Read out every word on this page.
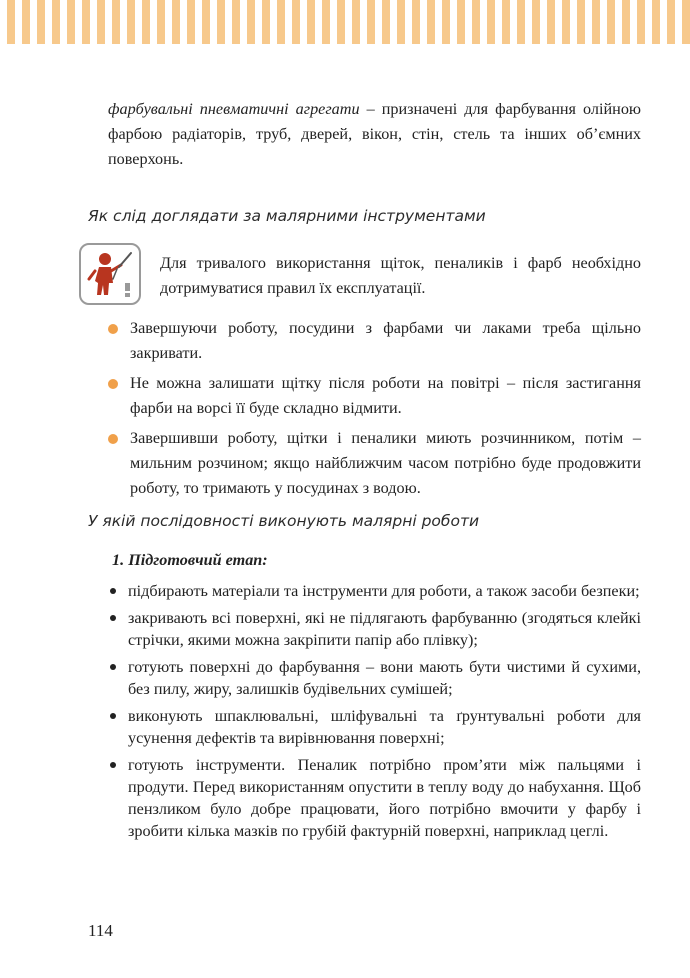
фарбувальні пневматичні агрегати – призначені для фарбування олійною фарбою радіаторів, труб, дверей, вікон, стін, стель та інших об’ємних поверхонь.

Як слід доглядати за малярними інструментами

Для тривалого використання щіток, пеналиків і фарб необхідно дотримуватися правил їх експлуатації.

Завершуючи роботу, посудини з фарбами чи лаками треба щільно закривати.
Не можна залишати щітку після роботи на повітрі – після застигання фарби на ворсі її буде складно відмити.
Завершивши роботу, щітки і пеналики миють розчинником, потім – мильним розчином; якщо найближчим часом потрібно буде продовжити роботу, то тримають у посудинах з водою.

У якій послідовності виконують малярні роботи

1. Підготовчий етап:

підбирають матеріали та інструменти для роботи, а також засоби безпеки;
закривають всі поверхні, які не підлягають фарбуванню (згодяться клейкі стрічки, якими можна закріпити папір або плівку);
готують поверхні до фарбування – вони мають бути чистими й сухими, без пилу, жиру, залишків будівельних сумішей;
виконують шпаклювальні, шліфувальні та ґрунтувальні роботи для усунення дефектів та вирівнювання поверхні;
готують інструменти. Пеналик потрібно пром’яти між пальцями і продути. Перед використанням опустити в теплу воду до набухання. Щоб пензликом було добре працювати, його потрібно вмочити у фарбу і зробити кілька мазків по грубій фактурній поверхні, наприклад цеглі.

114
